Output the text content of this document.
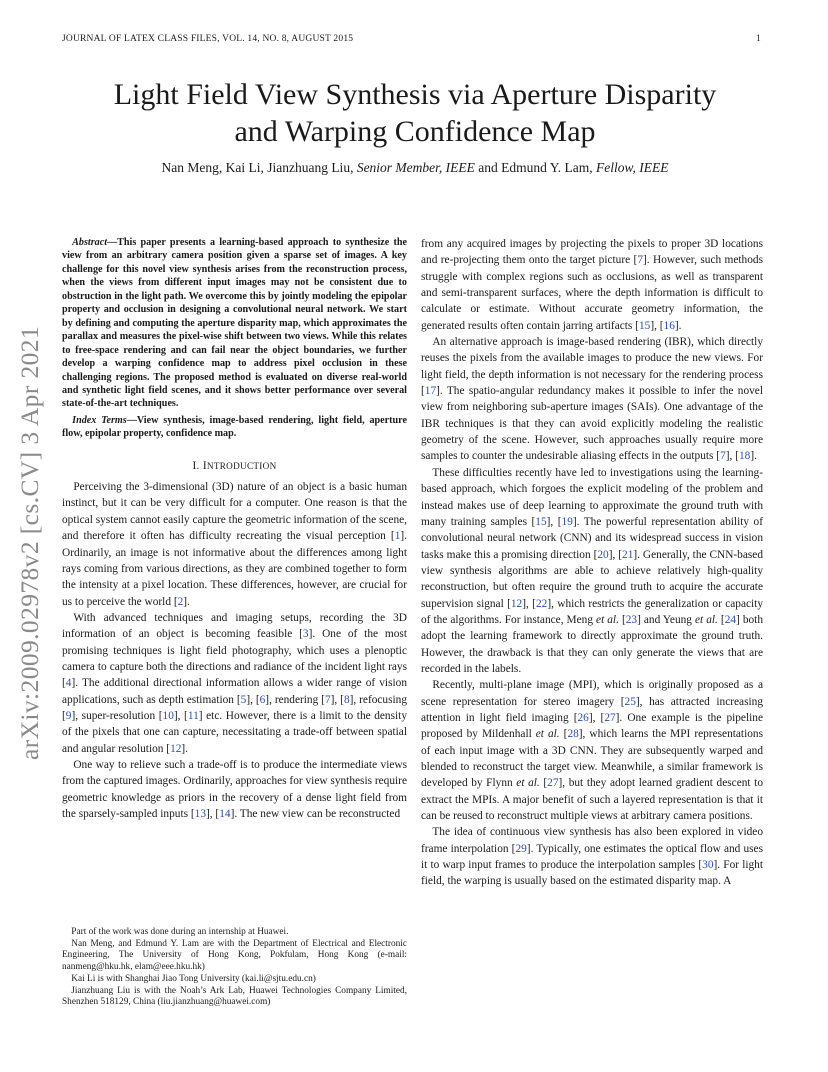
JOURNAL OF LATEX CLASS FILES, VOL. 14, NO. 8, AUGUST 2015	1
Light Field View Synthesis via Aperture Disparity
and Warping Confidence Map
Nan Meng, Kai Li, Jianzhuang Liu, Senior Member, IEEE and Edmund Y. Lam, Fellow, IEEE
arXiv:2009.02978v2 [cs.CV] 3 Apr 2021

Abstract—This paper presents a learning-based approach to synthesize the view from an arbitrary camera position given a sparse set of images. A key challenge for this novel view synthesis arises from the reconstruction process, when the views from different input images may not be consistent due to obstruction in the light path. We overcome this by jointly modeling the epipolar property and occlusion in designing a convolutional neural network. We start by defining and computing the aperture disparity map, which approximates the parallax and measures the pixel-wise shift between two views. While this relates to free-space rendering and can fail near the object boundaries, we further develop a warping confidence map to address pixel occlusion in these challenging regions. The proposed method is evaluated on diverse real-world and synthetic light field scenes, and it shows better performance over several state-of-the-art techniques.

Index Terms—View synthesis, image-based rendering, light field, aperture flow, epipolar property, confidence map.

I. INTRODUCTION

Perceiving the 3-dimensional (3D) nature of an object is a basic human instinct, but it can be very difficult for a computer. One reason is that the optical system cannot easily capture the geometric information of the scene, and therefore it often has difficulty recreating the visual perception [1]. Ordinarily, an image is not informative about the differences among light rays coming from various directions, as they are combined together to form the intensity at a pixel location. These differences, however, are crucial for us to perceive the world [2].

With advanced techniques and imaging setups, recording the 3D information of an object is becoming feasible [3]. One of the most promising techniques is light field photography, which uses a plenoptic camera to capture both the directions and radiance of the incident light rays [4]. The additional directional information allows a wider range of vision applications, such as depth estimation [5], [6], rendering [7], [8], refocusing [9], super-resolution [10], [11] etc. However, there is a limit to the density of the pixels that one can capture, necessitating a trade-off between spatial and angular resolution [12].

One way to relieve such a trade-off is to produce the intermediate views from the captured images. Ordinarily, approaches for view synthesis require geometric knowledge as priors in the recovery of a dense light field from the sparsely-sampled inputs [13], [14]. The new view can be reconstructed

from any acquired images by projecting the pixels to proper 3D locations and re-projecting them onto the target picture [7]. However, such methods struggle with complex regions such as occlusions, as well as transparent and semi-transparent surfaces, where the depth information is difficult to calculate or estimate. Without accurate geometry information, the generated results often contain jarring artifacts [15], [16].

An alternative approach is image-based rendering (IBR), which directly reuses the pixels from the available images to produce the new views. For light field, the depth information is not necessary for the rendering process [17]. The spatio-angular redundancy makes it possible to infer the novel view from neighboring sub-aperture images (SAIs). One advantage of the IBR techniques is that they can avoid explicitly modeling the realistic geometry of the scene. However, such approaches usually require more samples to counter the undesirable aliasing effects in the outputs [7], [18].

These difficulties recently have led to investigations using the learning-based approach, which forgoes the explicit modeling of the problem and instead makes use of deep learning to approximate the ground truth with many training samples [15], [19]. The powerful representation ability of convolutional neural network (CNN) and its widespread success in vision tasks make this a promising direction [20], [21]. Generally, the CNN-based view synthesis algorithms are able to achieve relatively high-quality reconstruction, but often require the ground truth to acquire the accurate supervision signal [12], [22], which restricts the generalization or capacity of the algorithms. For instance, Meng et al. [23] and Yeung et al. [24] both adopt the learning framework to directly approximate the ground truth. However, the drawback is that they can only generate the views that are recorded in the labels.

Recently, multi-plane image (MPI), which is originally proposed as a scene representation for stereo imagery [25], has attracted increasing attention in light field imaging [26], [27]. One example is the pipeline proposed by Mildenhall et al. [28], which learns the MPI representations of each input image with a 3D CNN. They are subsequently warped and blended to reconstruct the target view. Meanwhile, a similar framework is developed by Flynn et al. [27], but they adopt learned gradient descent to extract the MPIs. A major benefit of such a layered representation is that it can be reused to reconstruct multiple views at arbitrary camera positions.

The idea of continuous view synthesis has also been explored in video frame interpolation [29]. Typically, one estimates the optical flow and uses it to warp input frames to produce the interpolation samples [30]. For light field, the warping is usually based on the estimated disparity map. A

Part of the work was done during an internship at Huawei.

Nan Meng, and Edmund Y. Lam are with the Department of Electrical and Electronic Engineering, The University of Hong Kong, Pokfulam, Hong Kong (e-mail: nanmeng@hku.hk, elam@eee.hku.hk)

Kai Li is with Shanghai Jiao Tong University (kai.li@sjtu.edu.cn)

Jianzhuang Liu is with the Noah’s Ark Lab, Huawei Technologies Company Limited, Shenzhen 518129, China (liu.jianzhuang@huawei.com)
